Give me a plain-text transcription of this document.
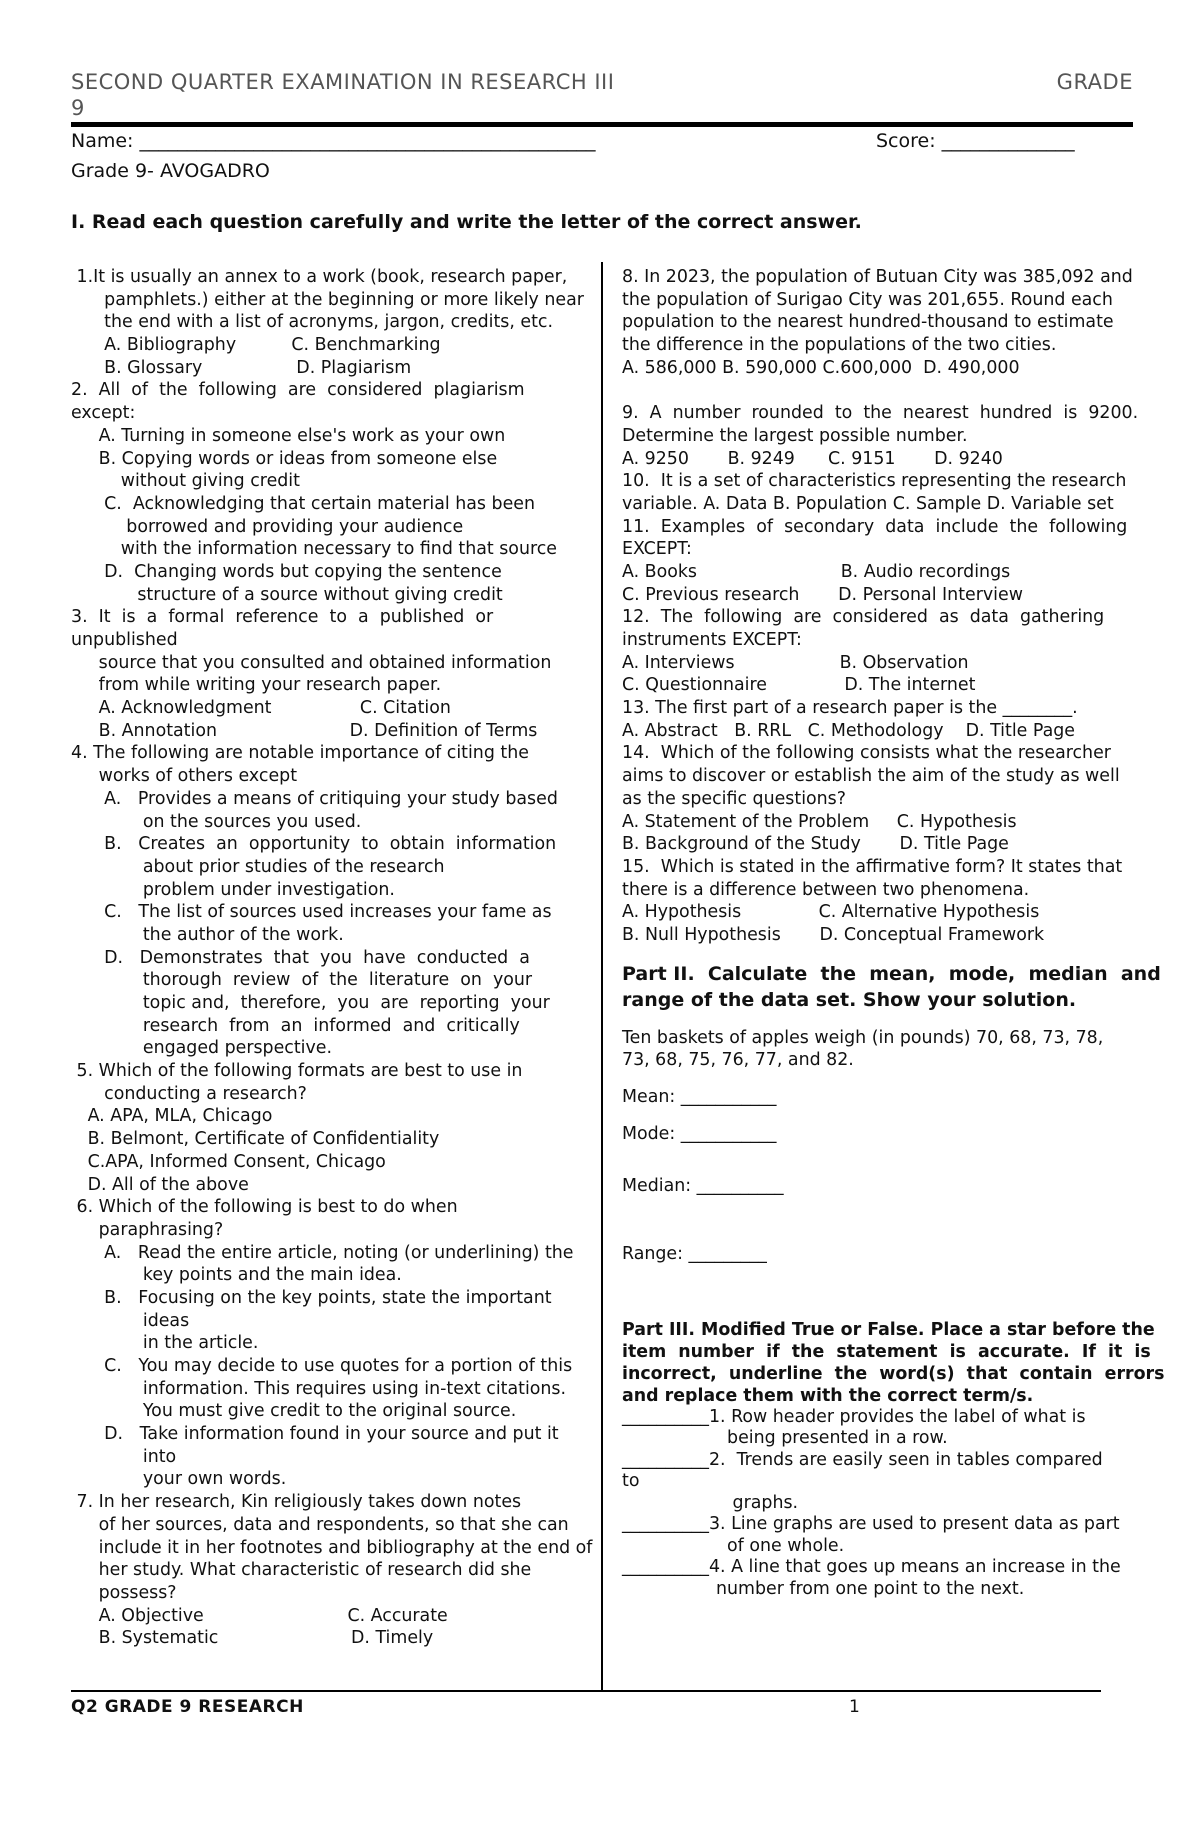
SECOND QUARTER EXAMINATION IN RESEARCH III	GRADE
9
Name: ________________________________________________	Score: ______________
Grade 9- AVOGADRO
I. Read each question carefully and write the letter of the correct answer.
1.It is usually an annex to a work (book, research paper,
pamphlets.) either at the beginning or more likely near
the end with a list of acronyms, jargon, credits, etc.
A. Bibliography          C. Benchmarking
B. Glossary                 D. Plagiarism
2.  All  of  the  following  are  considered  plagiarism
except:
A. Turning in someone else's work as your own
B. Copying words or ideas from someone else
without giving credit
C.  Acknowledging that certain material has been
borrowed and providing your audience
with the information necessary to find that source
D.  Changing words but copying the sentence
structure of a source without giving credit
3.  It  is  a  formal  reference  to  a  published  or
unpublished
source that you consulted and obtained information
from while writing your research paper.
A. Acknowledgment                C. Citation
B. Annotation                        D. Definition of Terms
4. The following are notable importance of citing the
works of others except
A.   Provides a means of critiquing your study based
on the sources you used.
B.   Creates  an  opportunity  to  obtain  information
about prior studies of the research
problem under investigation.
C.   The list of sources used increases your fame as
the author of the work.
D.   Demonstrates  that  you  have  conducted  a
thorough  review  of  the  literature  on  your
topic and,  therefore,  you  are  reporting  your
research  from  an  informed  and  critically
engaged perspective.
5. Which of the following formats are best to use in
conducting a research?
A. APA, MLA, Chicago
B. Belmont, Certificate of Confidentiality
C.APA, Informed Consent, Chicago
D. All of the above
6. Which of the following is best to do when
paraphrasing?
A.   Read the entire article, noting (or underlining) the
key points and the main idea.
B.   Focusing on the key points, state the important
ideas
in the article.
C.   You may decide to use quotes for a portion of this
information. This requires using in-text citations.
You must give credit to the original source.
D.   Take information found in your source and put it
into
your own words.
7. In her research, Kin religiously takes down notes
of her sources, data and respondents, so that she can
include it in her footnotes and bibliography at the end of
her study. What characteristic of research did she
possess?
A. Objective                          C. Accurate
B. Systematic                        D. Timely
8. In 2023, the population of Butuan City was 385,092 and
the population of Surigao City was 201,655. Round each
population to the nearest hundred-thousand to estimate
the difference in the populations of the two cities.
A. 586,000 B. 590,000 C.600,000  D. 490,000
9.  A  number  rounded  to  the  nearest  hundred  is  9200.
Determine the largest possible number.
A. 9250       B. 9249      C. 9151       D. 9240
10.  It is a set of characteristics representing the research
variable. A. Data B. Population C. Sample D. Variable set
11.  Examples  of  secondary  data  include  the  following
EXCEPT:
A. Books                          B. Audio recordings
C. Previous research       D. Personal Interview
12.  The  following  are  considered  as  data  gathering
instruments EXCEPT:
A. Interviews                   B. Observation
C. Questionnaire              D. The internet
13. The first part of a research paper is the ________.
A. Abstract   B. RRL   C. Methodology    D. Title Page
14.  Which of the following consists what the researcher
aims to discover or establish the aim of the study as well
as the specific questions?
A. Statement of the Problem     C. Hypothesis
B. Background of the Study       D. Title Page
15.  Which is stated in the affirmative form? It states that
there is a difference between two phenomena.
A. Hypothesis              C. Alternative Hypothesis
B. Null Hypothesis       D. Conceptual Framework
Part II.  Calculate  the  mean,  mode,  median  and
range of the data set. Show your solution.
Ten baskets of apples weigh (in pounds) 70, 68, 73, 78,
73, 68, 75, 76, 77, and 82.
Mean: ___________
Mode: ___________
Median: __________
Range: _________
Part III. Modified True or False. Place a star before the
item  number  if  the  statement  is  accurate.  If  it  is
incorrect,  underline  the  word(s)  that  contain  errors
and replace them with the correct term/s.
__________1. Row header provides the label of what is
being presented in a row.
__________2.  Trends are easily seen in tables compared
to
graphs.
__________3. Line graphs are used to present data as part
of one whole.
__________4. A line that goes up means an increase in the
number from one point to the next.
Q2 GRADE 9 RESEARCH	1
